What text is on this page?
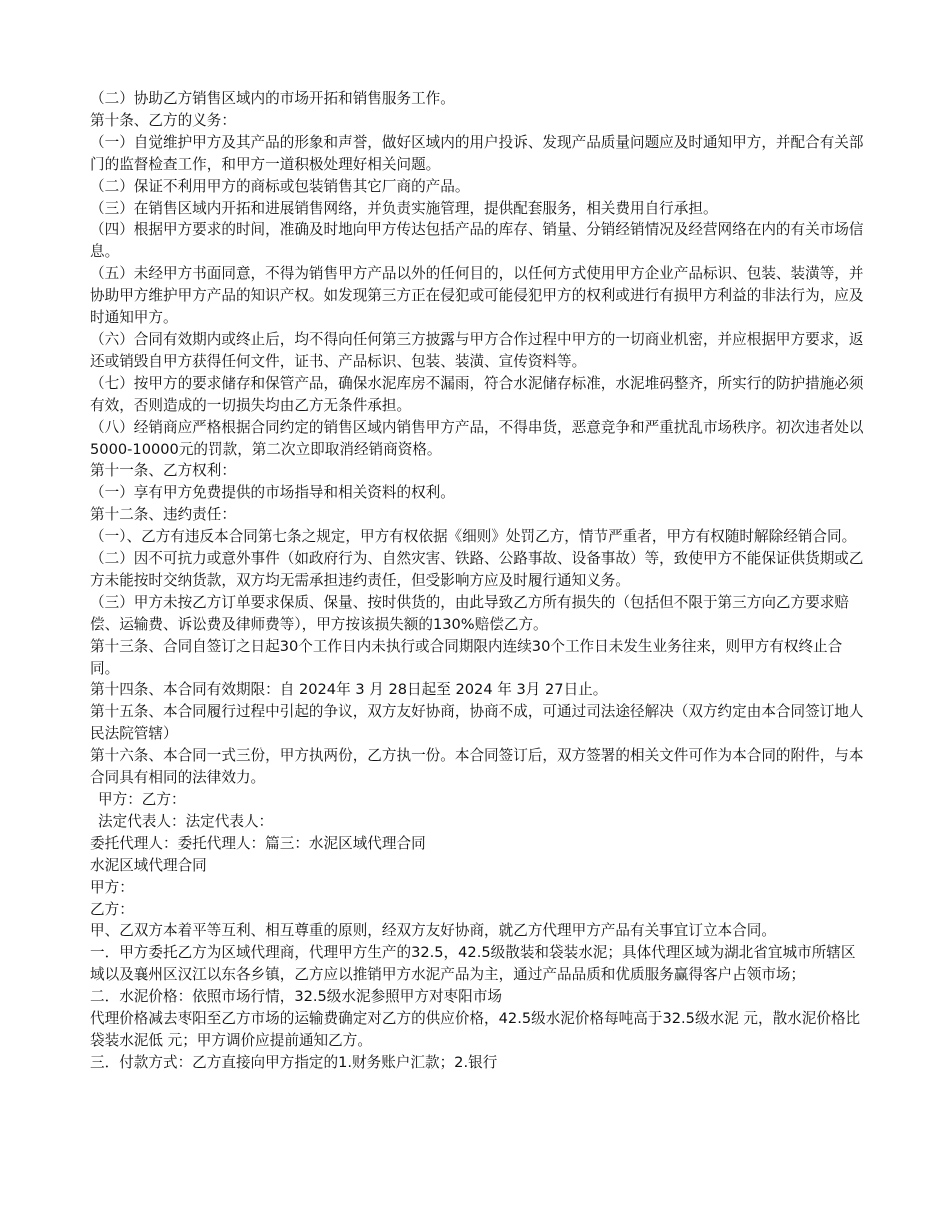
（二）协助乙方销售区域内的市场开拓和销售服务工作。

第十条、乙方的义务：

（一）自觉维护甲方及其产品的形象和声誉，做好区域内的用户投诉、发现产品质量问题应及时通知甲方，并配合有关部门的监督检查工作，和甲方一道积极处理好相关问题。

（二）保证不利用甲方的商标或包装销售其它厂商的产品。

（三）在销售区域内开拓和进展销售网络，并负责实施管理，提供配套服务，相关费用自行承担。

（四）根据甲方要求的时间，准确及时地向甲方传达包括产品的库存、销量、分销经销情况及经营网络在内的有关市场信息。

（五）未经甲方书面同意，不得为销售甲方产品以外的任何目的，以任何方式使用甲方企业产品标识、包装、装潢等，并协助甲方维护甲方产品的知识产权。如发现第三方正在侵犯或可能侵犯甲方的权利或进行有损甲方利益的非法行为，应及时通知甲方。

（六）合同有效期内或终止后，均不得向任何第三方披露与甲方合作过程中甲方的一切商业机密，并应根据甲方要求，返还或销毁自甲方获得任何文件，证书、产品标识、包装、装潢、宣传资料等。

（七）按甲方的要求储存和保管产品，确保水泥库房不漏雨，符合水泥储存标准，水泥堆码整齐，所实行的防护措施必须有效，否则造成的一切损失均由乙方无条件承担。

（八）经销商应严格根据合同约定的销售区域内销售甲方产品，不得串货，恶意竞争和严重扰乱市场秩序。初次违者处以5000-10000元的罚款，第二次立即取消经销商资格。

第十一条、乙方权利：

（一）享有甲方免费提供的市场指导和相关资料的权利。

第十二条、违约责任：

（一）、乙方有违反本合同第七条之规定，甲方有权依据《细则》处罚乙方，情节严重者，甲方有权随时解除经销合同。（二）因不可抗力或意外事件（如政府行为、自然灾害、铁路、公路事故、设备事故）等，致使甲方不能保证供货期或乙方未能按时交纳货款，双方均无需承担违约责任，但受影响方应及时履行通知义务。

（三）甲方未按乙方订单要求保质、保量、按时供货的，由此导致乙方所有损失的（包括但不限于第三方向乙方要求赔偿、运输费、诉讼费及律师费等），甲方按该损失额的130%赔偿乙方。

第十三条、合同自签订之日起30个工作日内未执行或合同期限内连续30个工作日未发生业务往来，则甲方有权终止合同。

第十四条、本合同有效期限：自 2024年 3 月 28日起至 2024 年 3月 27日止。

第十五条、本合同履行过程中引起的争议，双方友好协商，协商不成，可通过司法途径解决（双方约定由本合同签订地人民法院管辖）

第十六条、本合同一式三份，甲方执两份，乙方执一份。本合同签订后，双方签署的相关文件可作为本合同的附件，与本合同具有相同的法律效力。

甲方：乙方：

法定代表人：法定代表人：

委托代理人：委托代理人：篇三：水泥区域代理合同

水泥区域代理合同

甲方：

乙方：

甲、乙双方本着平等互利、相互尊重的原则，经双方友好协商，就乙方代理甲方产品有关事宜订立本合同。

一．甲方委托乙方为区域代理商，代理甲方生产的32.5，42.5级散装和袋装水泥；具体代理区域为湖北省宜城市所辖区域以及襄州区汉江以东各乡镇，乙方应以推销甲方水泥产品为主，通过产品品质和优质服务赢得客户占领市场；

二．水泥价格：依照市场行情，32.5级水泥参照甲方对枣阳市场

代理价格减去枣阳至乙方市场的运输费确定对乙方的供应价格，42.5级水泥价格每吨高于32.5级水泥 元，散水泥价格比袋装水泥低 元；甲方调价应提前通知乙方。

三．付款方式：乙方直接向甲方指定的1.财务账户汇款；2.银行
